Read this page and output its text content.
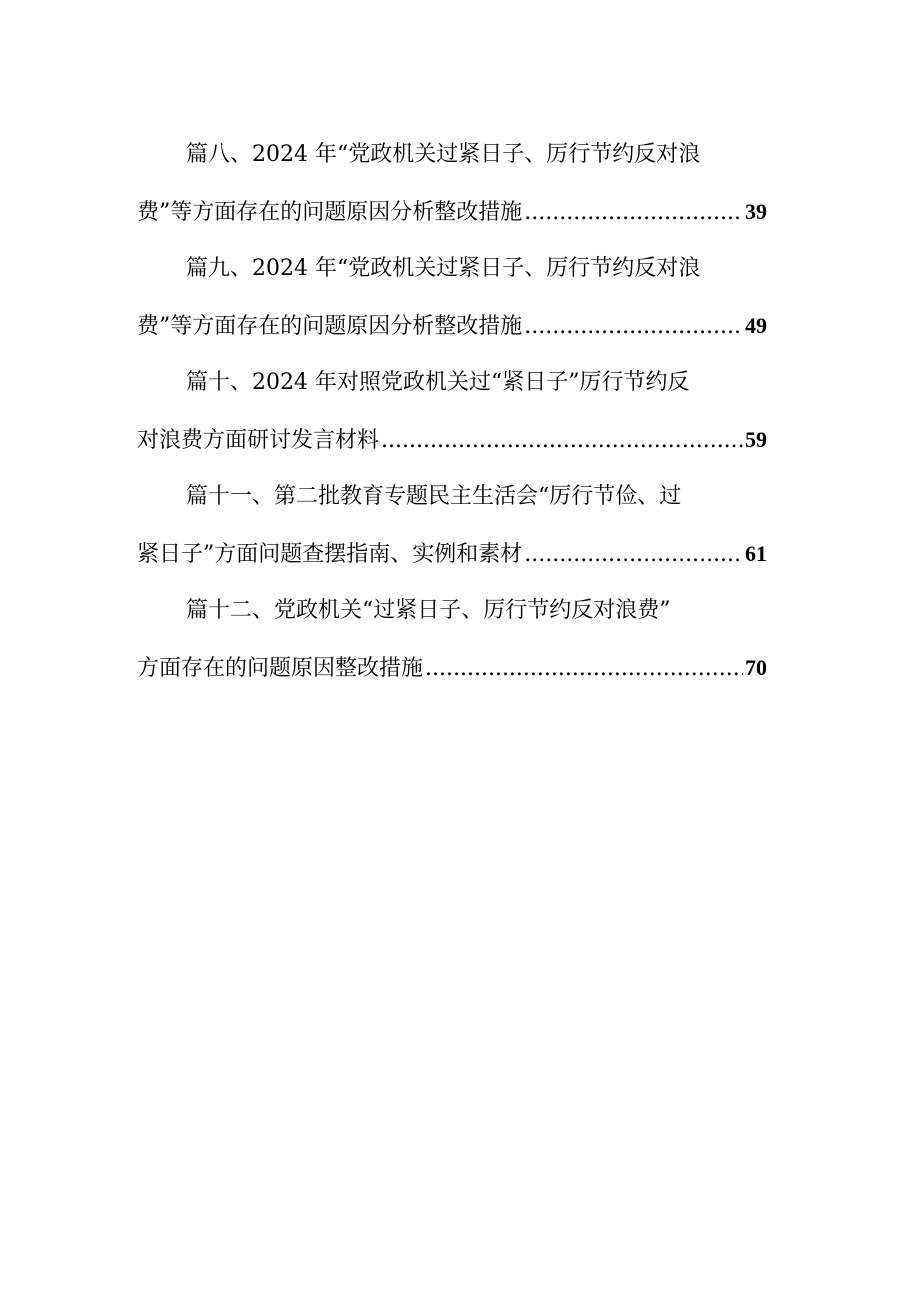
篇八、2024 年“党政机关过紧日子、厉行节约反对浪
费”等方面存在的问题原因分析整改措施 .....	39
篇九、2024 年“党政机关过紧日子、厉行节约反对浪
费”等方面存在的问题原因分析整改措施 .....	49
篇十、2024 年对照党政机关过“紧日子”厉行节约反
对浪费方面研讨发言材料 .....	59
篇十一、第二批教育专题民主生活会“厉行节俭、过
紧日子”方面问题查摆指南、实例和素材 .....	61
篇十二、党政机关“过紧日子、厉行节约反对浪费”
方面存在的问题原因整改措施 .....	70
